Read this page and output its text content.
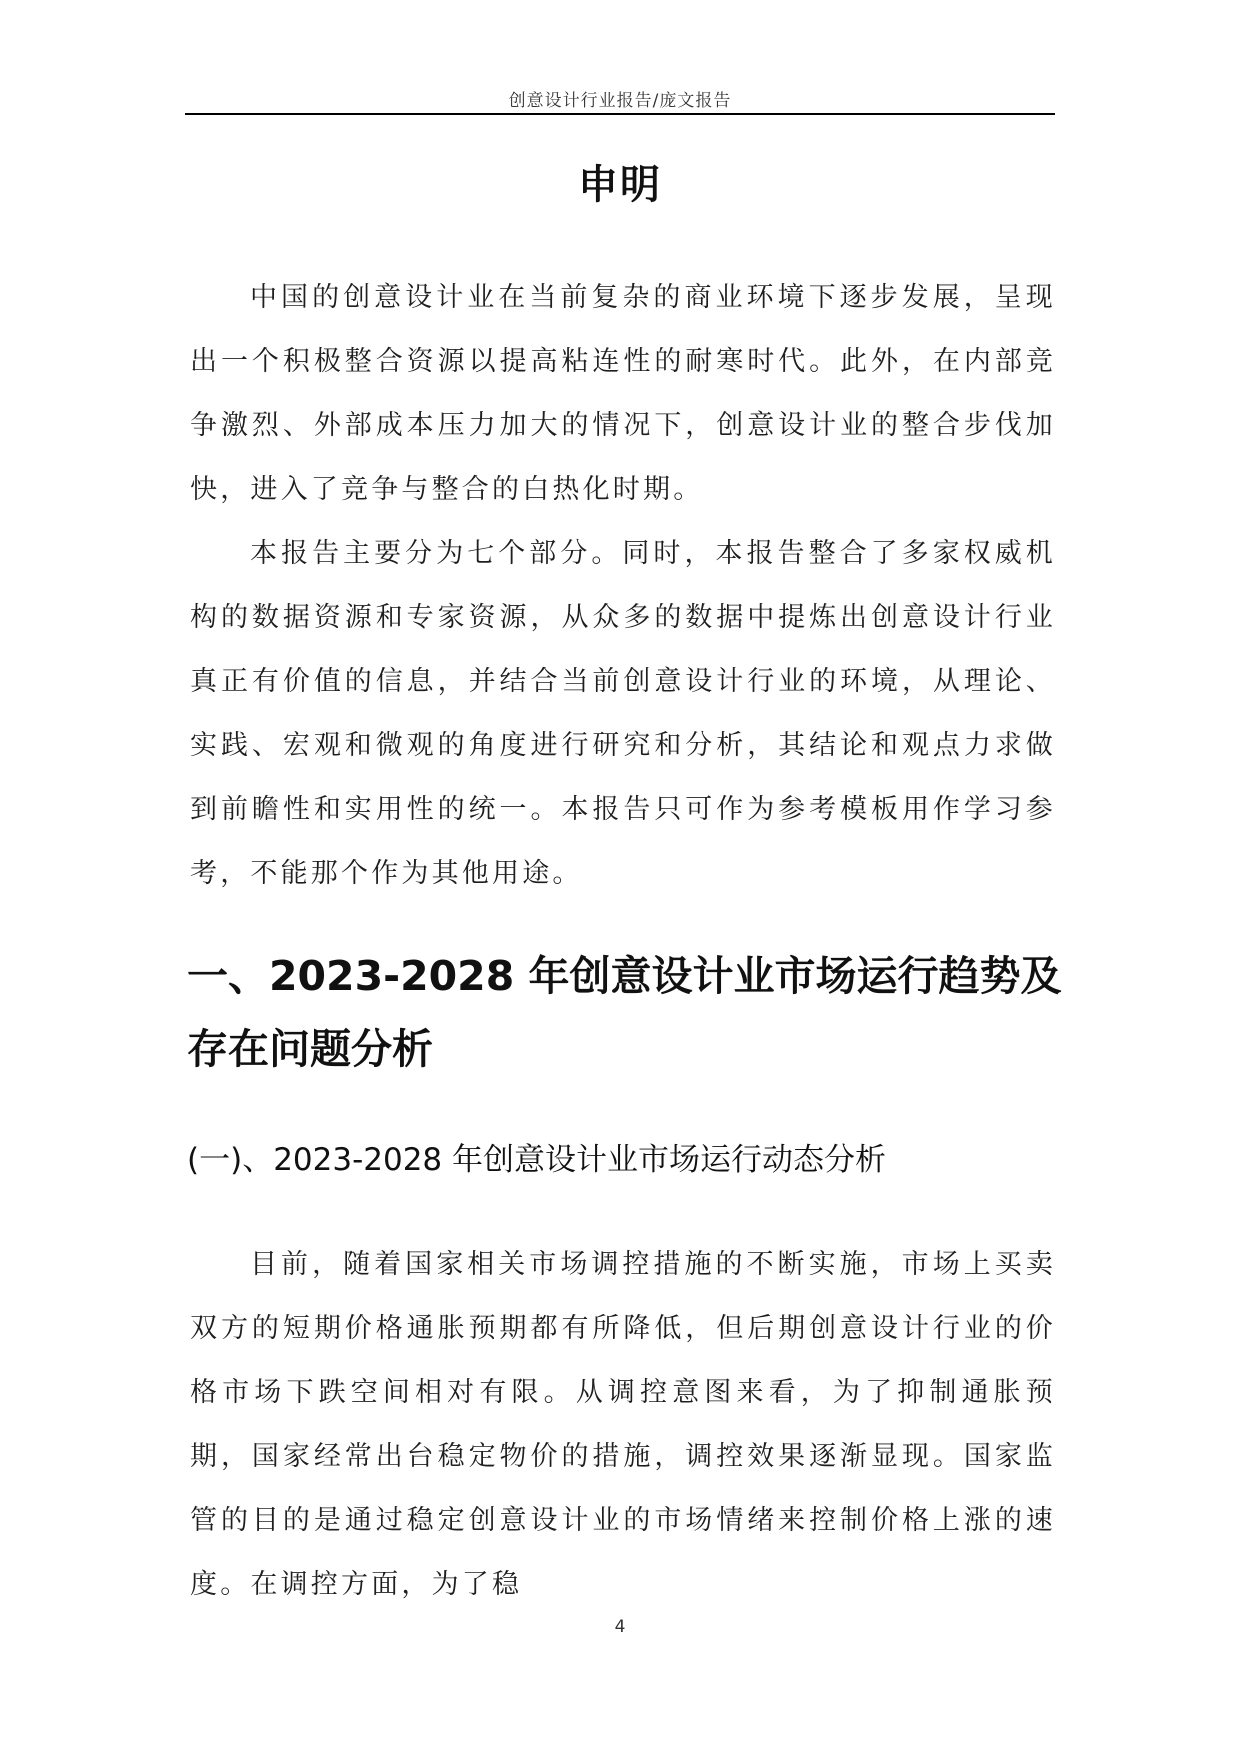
创意设计行业报告/庞文报告
申明

中国的创意设计业在当前复杂的商业环境下逐步发展，呈现出一个积极整合资源以提高粘连性的耐寒时代。此外，在内部竞争激烈、外部成本压力加大的情况下，创意设计业的整合步伐加快，进入了竞争与整合的白热化时期。

本报告主要分为七个部分。同时，本报告整合了多家权威机构的数据资源和专家资源，从众多的数据中提炼出创意设计行业真正有价值的信息，并结合当前创意设计行业的环境，从理论、实践、宏观和微观的角度进行研究和分析，其结论和观点力求做到前瞻性和实用性的统一。本报告只可作为参考模板用作学习参考，不能那个作为其他用途。

一、2023-2028 年创意设计业市场运行趋势及存在问题分析
(一)、2023-2028 年创意设计业市场运行动态分析

目前，随着国家相关市场调控措施的不断实施，市场上买卖双方的短期价格通胀预期都有所降低，但后期创意设计行业的价格市场下跌空间相对有限。从调控意图来看，为了抑制通胀预期，国家经常出台稳定物价的措施，调控效果逐渐显现。国家监管的目的是通过稳定创意设计业的市场情绪来控制价格上涨的速度。在调控方面，为了稳

4
